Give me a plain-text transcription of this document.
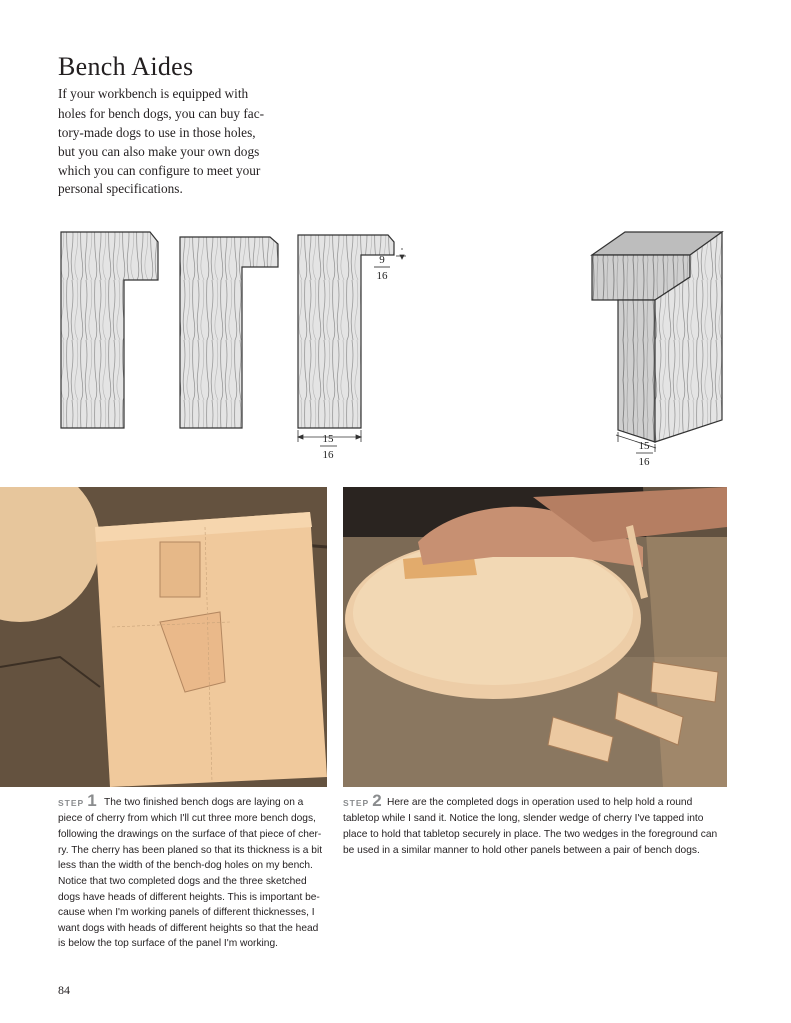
Bench Aides
If your workbench is equipped with
holes for bench dogs, you can buy fac-
tory-made dogs to use in those holes,
but you can also make your own dogs
which you can configure to meet your
personal specifications.
9
16
15
16
15
16
STEP 1 The two finished bench dogs are laying on a
piece of cherry from which I'll cut three more bench dogs,
following the drawings on the surface of that piece of cher-
ry. The cherry has been planed so that its thickness is a bit
less than the width of the bench-dog holes on my bench.
Notice that two completed dogs and the three sketched
dogs have heads of different heights. This is important be-
cause when I'm working panels of different thicknesses, I
want dogs with heads of different heights so that the head
is below the top surface of the panel I'm working.
STEP 2 Here are the completed dogs in operation used to help hold a round
tabletop while I sand it. Notice the long, slender wedge of cherry I've tapped into
place to hold that tabletop securely in place. The two wedges in the foreground can
be used in a similar manner to hold other panels between a pair of bench dogs.
84
